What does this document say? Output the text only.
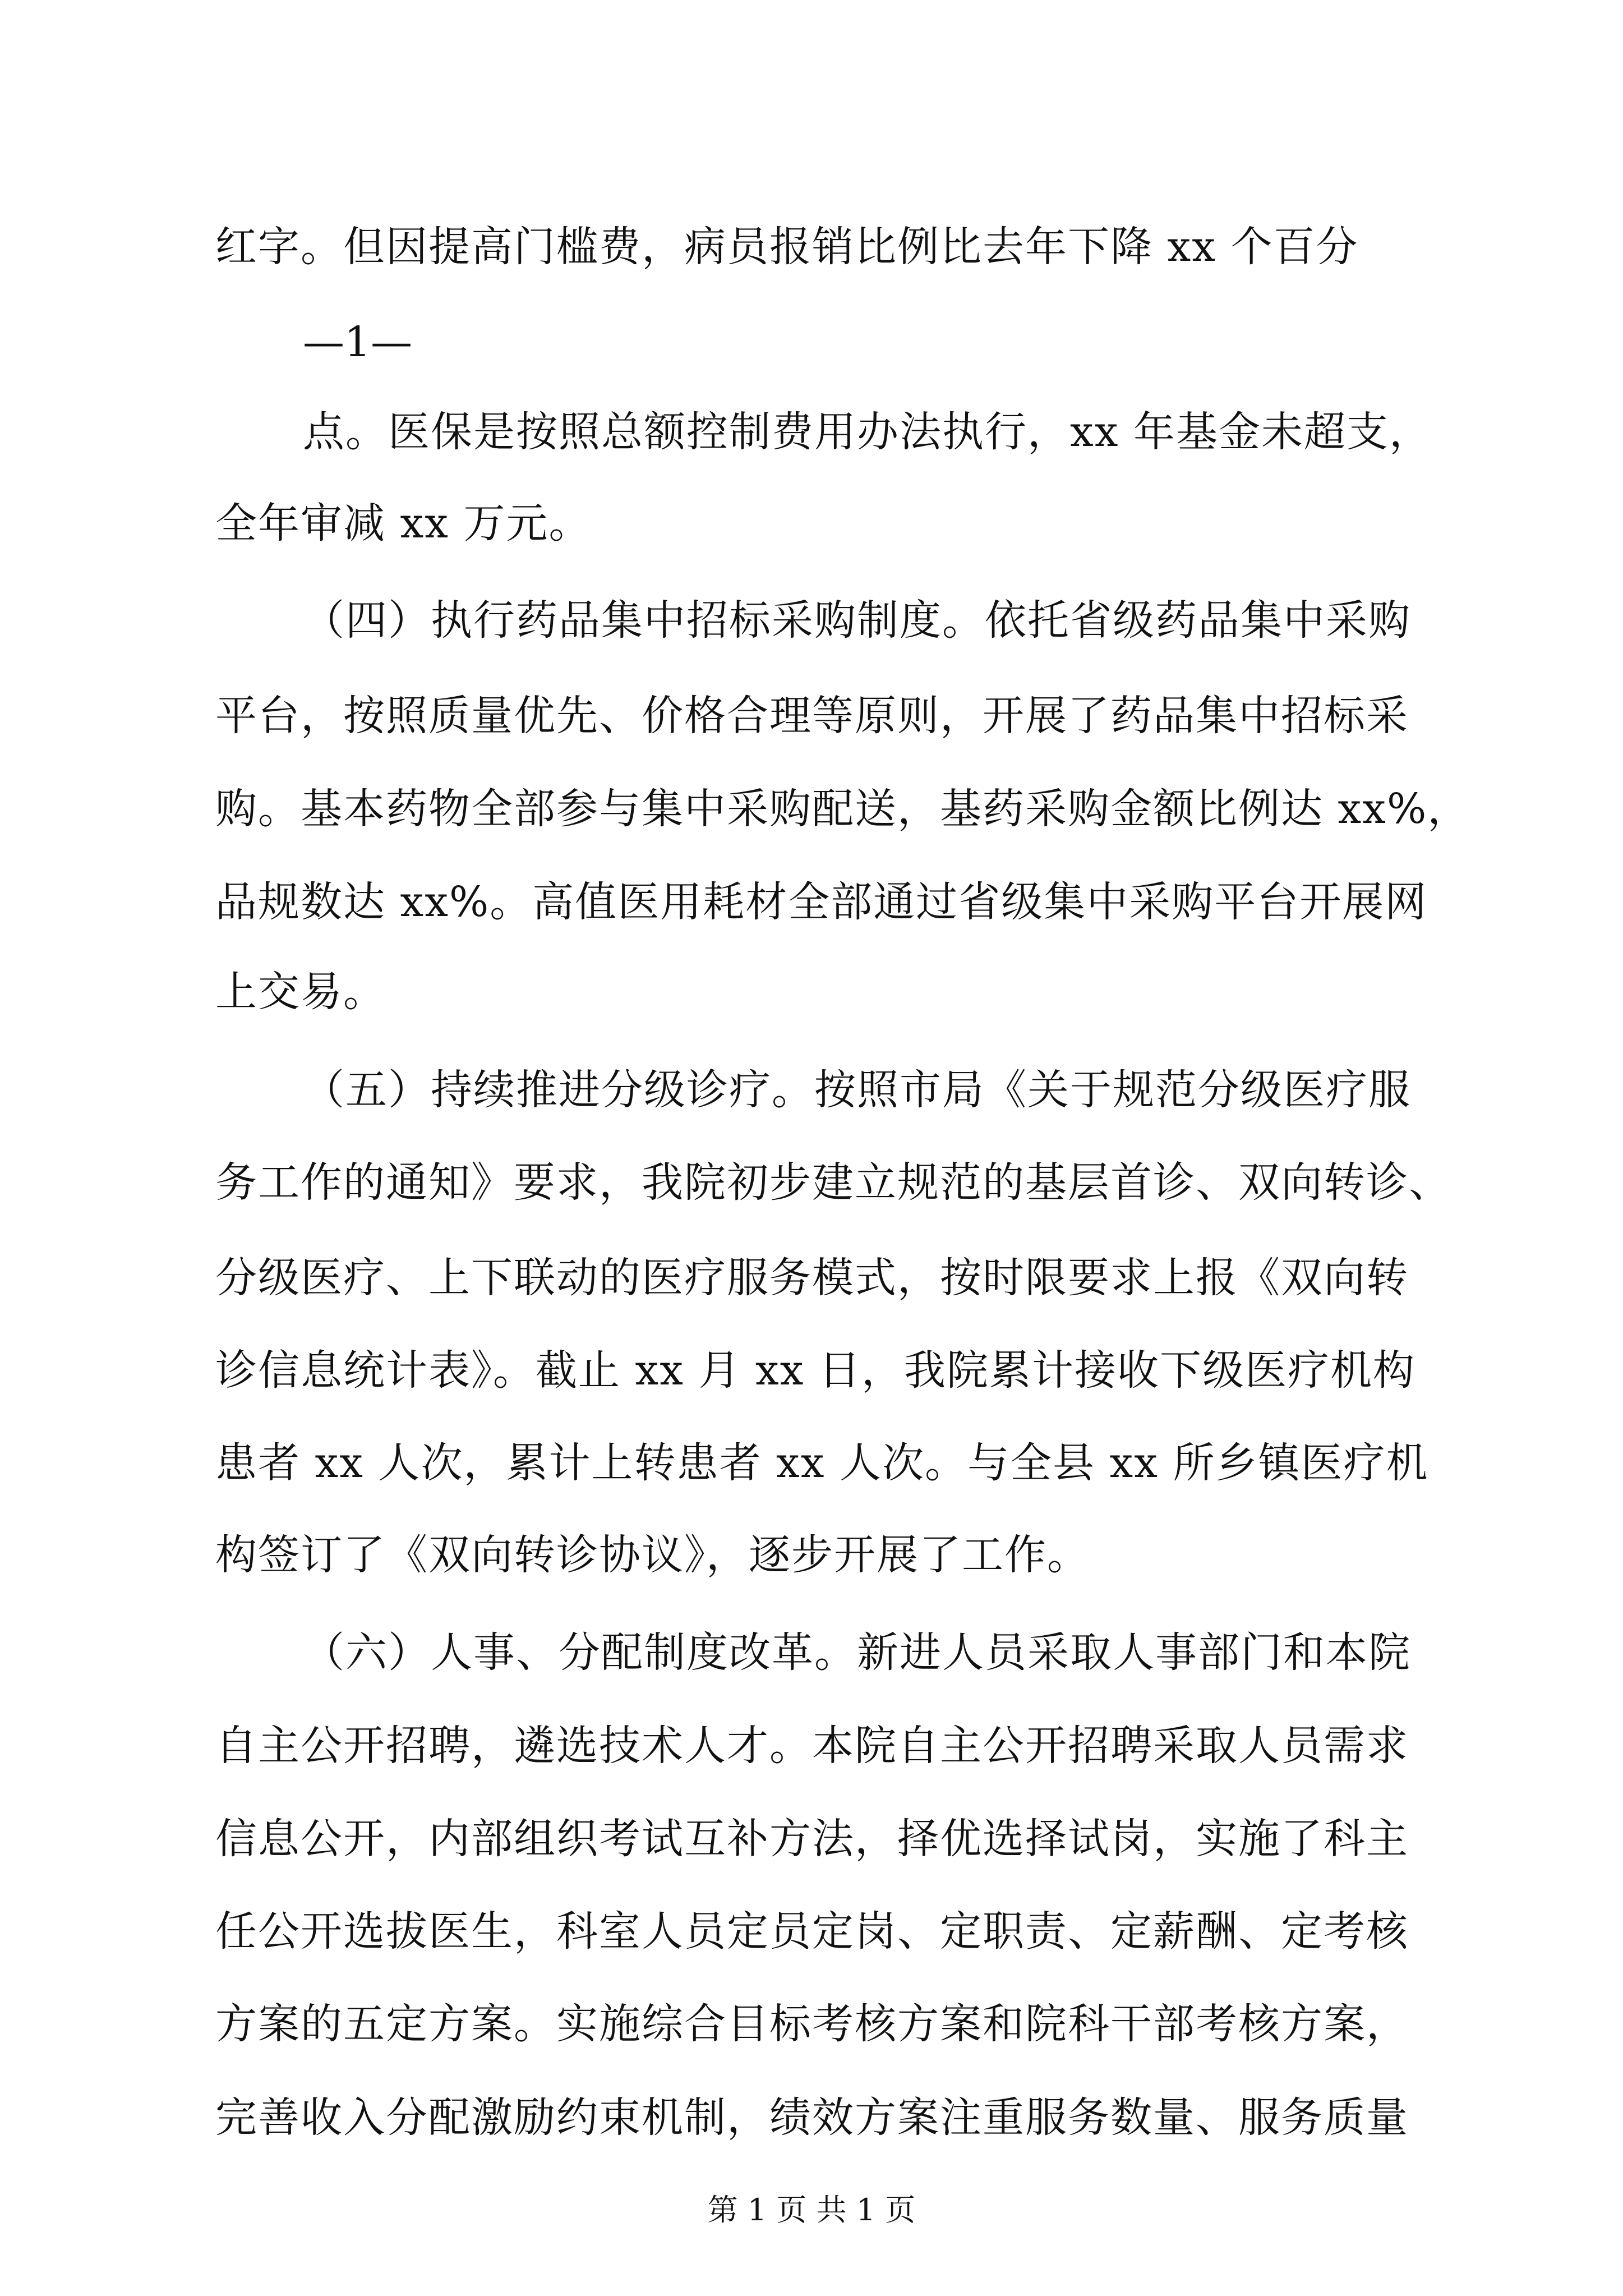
红字。但因提高门槛费，病员报销比例比去年下降 xx 个百分
—1—
点。医保是按照总额控制费用办法执行，xx 年基金未超支，
全年审减 xx 万元。
（四）执行药品集中招标采购制度。依托省级药品集中采购
平台，按照质量优先、价格合理等原则，开展了药品集中招标采
购。基本药物全部参与集中采购配送，基药采购金额比例达 xx%，
品规数达 xx%。高值医用耗材全部通过省级集中采购平台开展网
上交易。
（五）持续推进分级诊疗。按照市局《关于规范分级医疗服
务工作的通知》要求，我院初步建立规范的基层首诊、双向转诊、
分级医疗、上下联动的医疗服务模式，按时限要求上报《双向转
诊信息统计表》。截止 xx 月 xx 日，我院累计接收下级医疗机构
患者 xx 人次，累计上转患者 xx 人次。与全县 xx 所乡镇医疗机
构签订了《双向转诊协议》，逐步开展了工作。
（六）人事、分配制度改革。新进人员采取人事部门和本院
自主公开招聘，遴选技术人才。本院自主公开招聘采取人员需求
信息公开，内部组织考试互补方法，择优选择试岗，实施了科主
任公开选拔医生，科室人员定员定岗、定职责、定薪酬、定考核
方案的五定方案。实施综合目标考核方案和院科干部考核方案，
完善收入分配激励约束机制，绩效方案注重服务数量、服务质量
第 1 页 共 1 页
